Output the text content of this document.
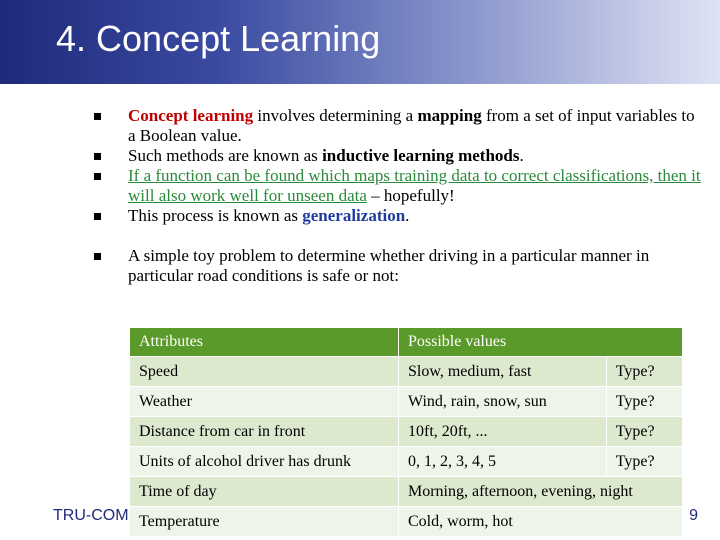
4. Concept Learning
Concept learning involves determining a mapping from a set of input variables to a Boolean value.
Such methods are known as inductive learning methods.
If a function can be found which maps training data to correct classifications, then it will also work well for unseen data – hopefully!
This process is known as generalization.
A simple toy problem to determine whether driving in a particular manner in particular road conditions is safe or not:
Attributes	Possible values	
Speed	Slow, medium, fast	Type?
Weather	Wind, rain, snow, sun	Type?
Distance from car in front	10ft, 20ft, ...	Type?
Units of alcohol driver has drunk	0, 1, 2, 3, 4, 5	Type?
Time of day	Morning, afternoon, evening, night	
Temperature	Cold, worm, hot	
TRU-COM	9
